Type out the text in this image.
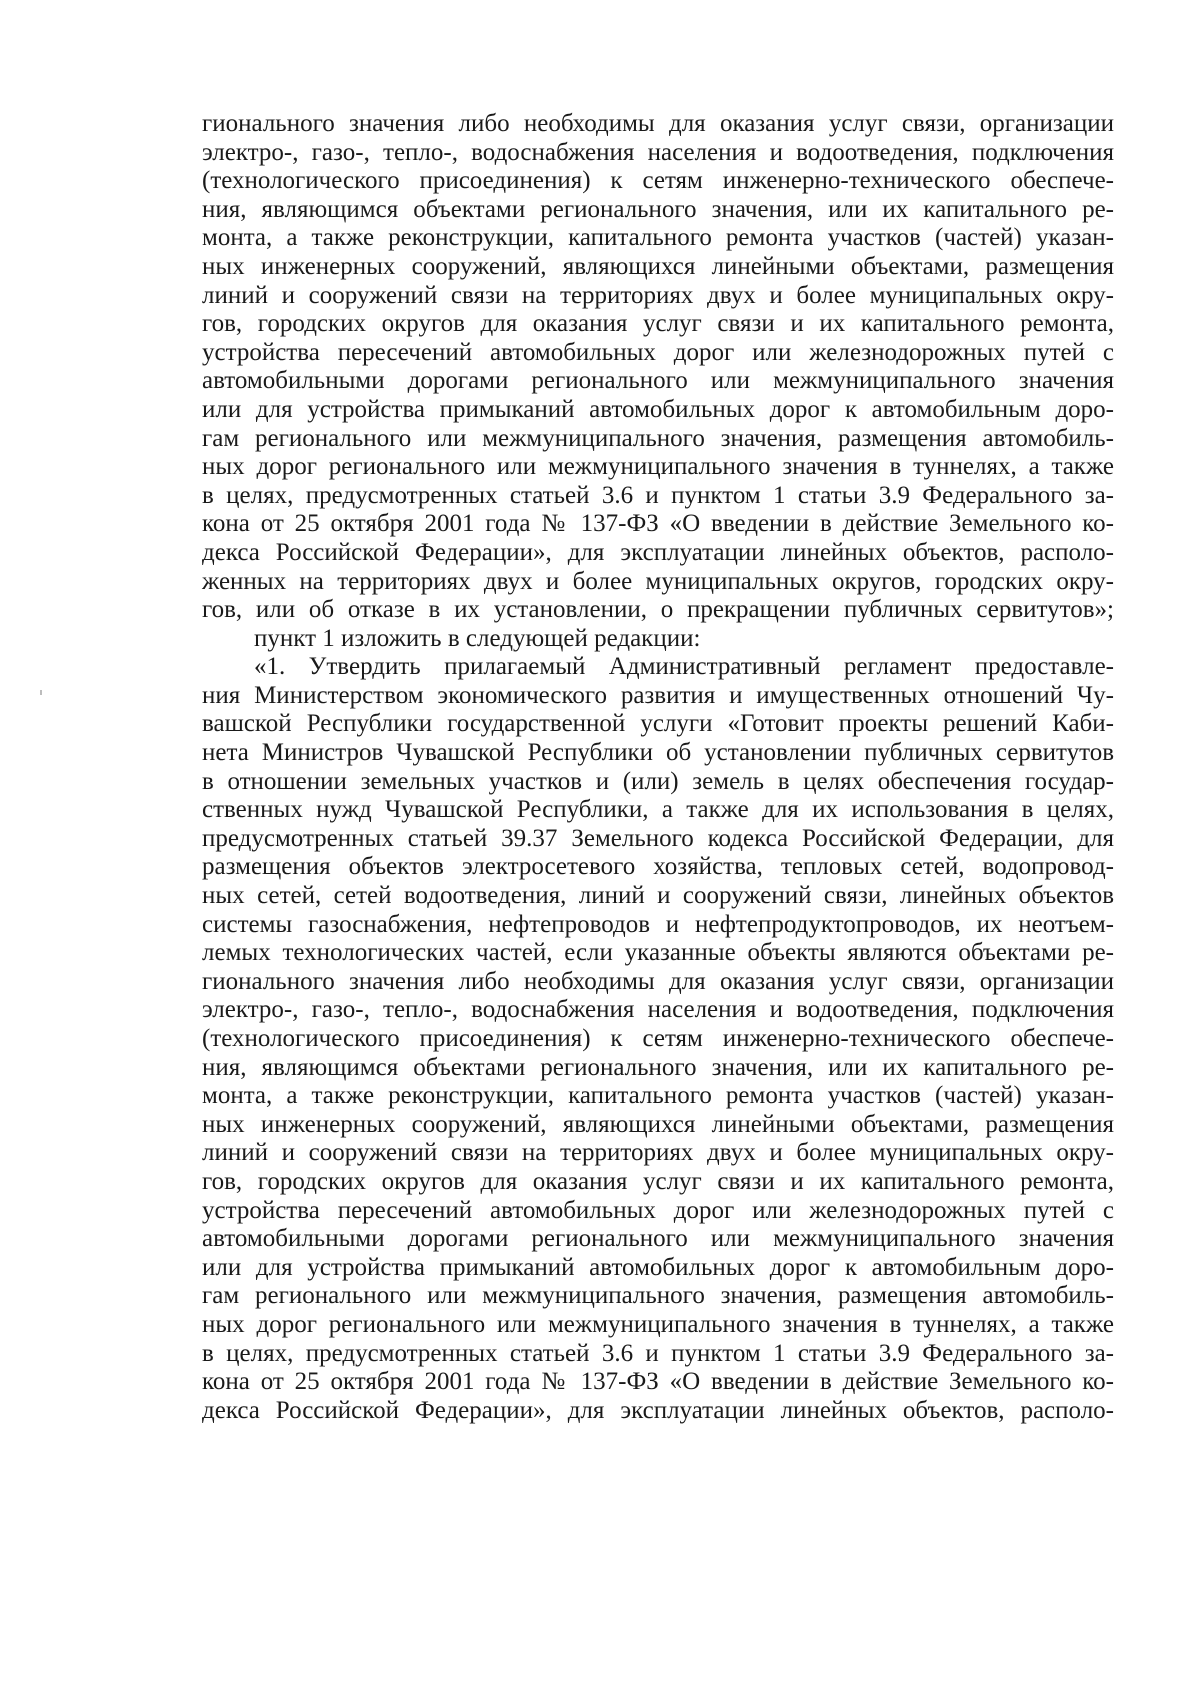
гионального значения либо необходимы для оказания услуг связи, организации
электро-, газо-, тепло-, водоснабжения населения и водоотведения, подключения
(технологического присоединения) к сетям инженерно-технического обеспече-
ния, являющимся объектами регионального значения, или их капитального ре-
монта, а также реконструкции, капитального ремонта участков (частей) указан-
ных инженерных сооружений, являющихся линейными объектами, размещения
линий и сооружений связи на территориях двух и более муниципальных окру-
гов, городских округов для оказания услуг связи и их капитального ремонта,
устройства пересечений автомобильных дорог или железнодорожных путей с
автомобильными дорогами регионального или межмуниципального значения
или для устройства примыканий автомобильных дорог к автомобильным доро-
гам регионального или межмуниципального значения, размещения автомобиль-
ных дорог регионального или межмуниципального значения в туннелях, а также
в целях, предусмотренных статьей 3.6 и пунктом 1 статьи 3.9 Федерального за-
кона от 25 октября 2001 года № 137-ФЗ «О введении в действие Земельного ко-
декса Российской Федерации», для эксплуатации линейных объектов, располо-
женных на территориях двух и более муниципальных округов, городских окру-
гов, или об отказе в их установлении, о прекращении публичных сервитутов»;
пункт 1 изложить в следующей редакции:
«1. Утвердить прилагаемый Административный регламент предоставле-
ния Министерством экономического развития и имущественных отношений Чу-
вашской Республики государственной услуги «Готовит проекты решений Каби-
нета Министров Чувашской Республики об установлении публичных сервитутов
в отношении земельных участков и (или) земель в целях обеспечения государ-
ственных нужд Чувашской Республики, а также для их использования в целях,
предусмотренных статьей 39.37 Земельного кодекса Российской Федерации, для
размещения объектов электросетевого хозяйства, тепловых сетей, водопровод-
ных сетей, сетей водоотведения, линий и сооружений связи, линейных объектов
системы газоснабжения, нефтепроводов и нефтепродуктопроводов, их неотъем-
лемых технологических частей, если указанные объекты являются объектами ре-
гионального значения либо необходимы для оказания услуг связи, организации
электро-, газо-, тепло-, водоснабжения населения и водоотведения, подключения
(технологического присоединения) к сетям инженерно-технического обеспече-
ния, являющимся объектами регионального значения, или их капитального ре-
монта, а также реконструкции, капитального ремонта участков (частей) указан-
ных инженерных сооружений, являющихся линейными объектами, размещения
линий и сооружений связи на территориях двух и более муниципальных окру-
гов, городских округов для оказания услуг связи и их капитального ремонта,
устройства пересечений автомобильных дорог или железнодорожных путей с
автомобильными дорогами регионального или межмуниципального значения
или для устройства примыканий автомобильных дорог к автомобильным доро-
гам регионального или межмуниципального значения, размещения автомобиль-
ных дорог регионального или межмуниципального значения в туннелях, а также
в целях, предусмотренных статьей 3.6 и пунктом 1 статьи 3.9 Федерального за-
кона от 25 октября 2001 года № 137-ФЗ «О введении в действие Земельного ко-
декса Российской Федерации», для эксплуатации линейных объектов, располо-
